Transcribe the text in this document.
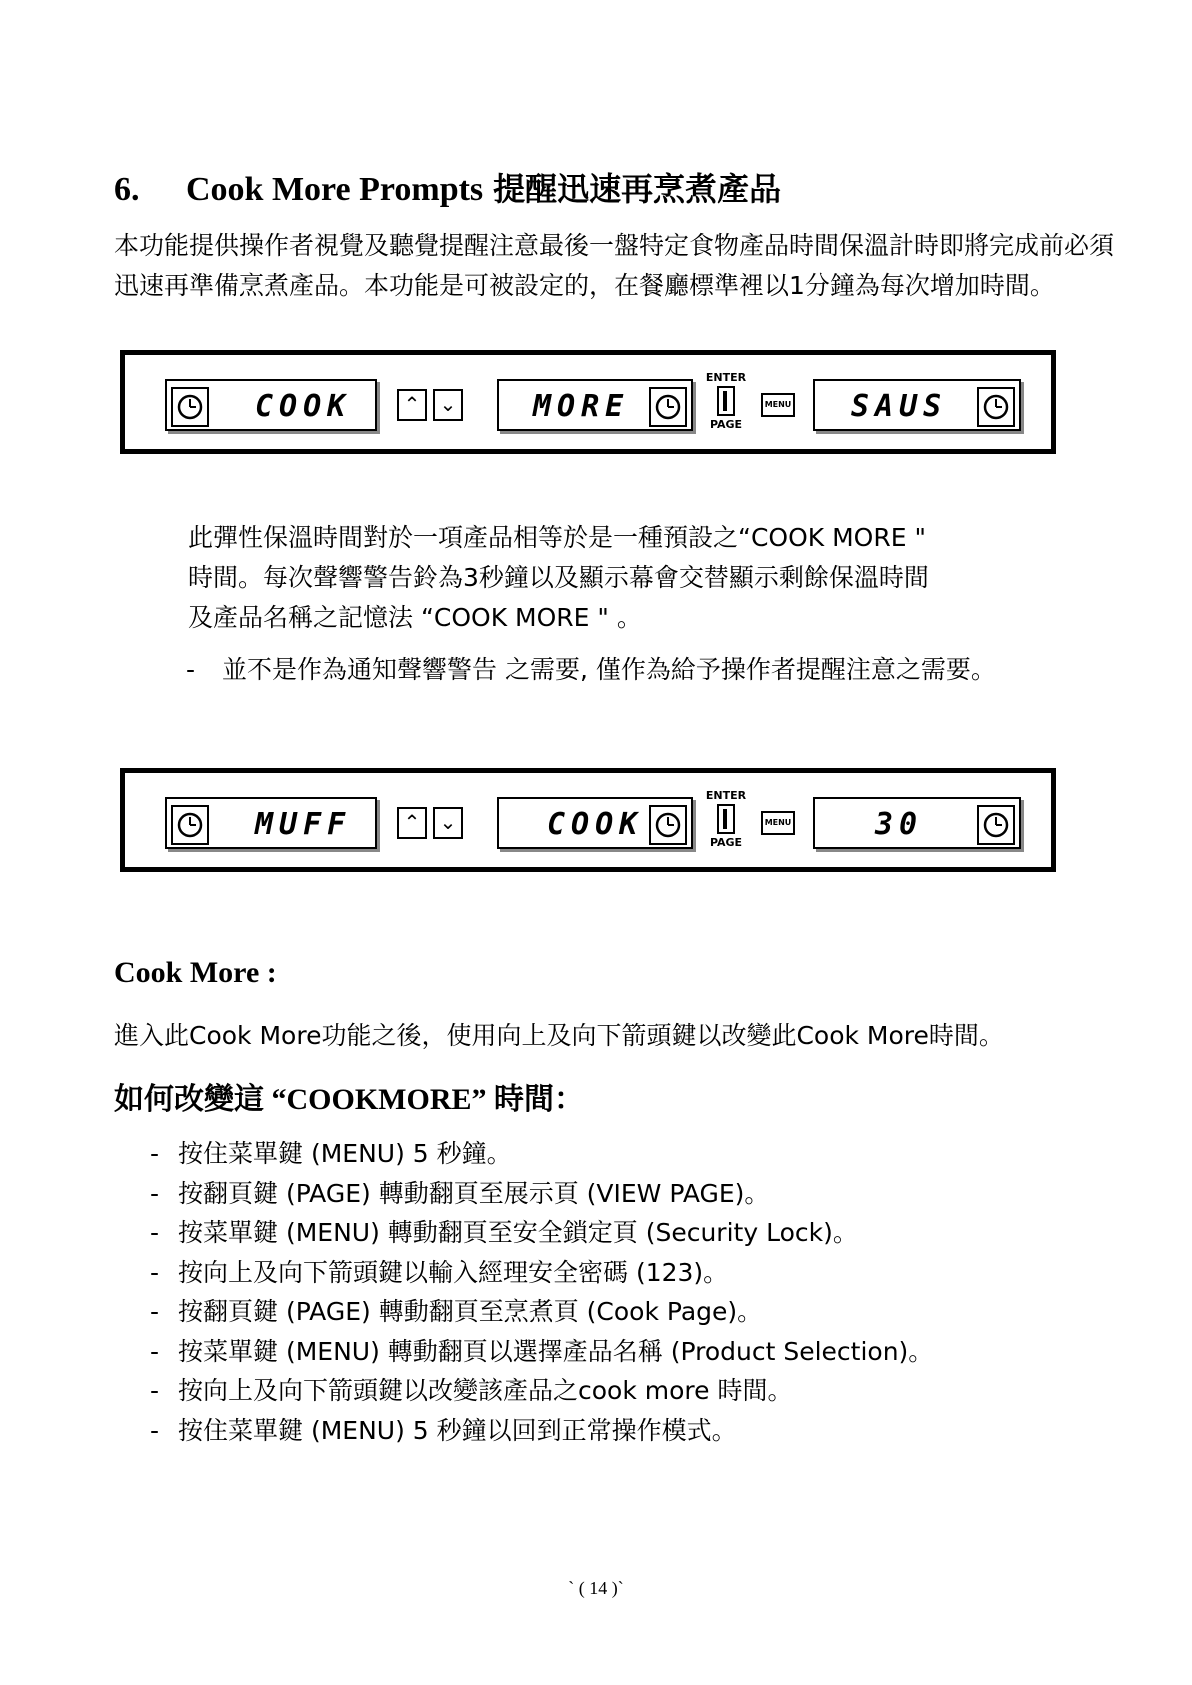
6. Cook More Prompts 提醒迅速再烹煮產品
本功能提供操作者視覺及聽覺提醒注意最後一盤特定食物產品時間保溫計時即將完成前必須迅速再準備烹煮產品。本功能是可被設定的，在餐廳標準裡以1分鐘為每次增加時間。
COOK	⌃ ⌄	MORE
ENTER
PAGE
MENU SAUS
此彈性保溫時間對於一項產品相等於是一種預設之“COOK MORE "
時間。每次聲響警告鈴為3秒鐘以及顯示幕會交替顯示剩餘保溫時間
及產品名稱之記憶法 “COOK MORE " 。
- 並不是作為通知聲響警告 之需要, 僅作為給予操作者提醒注意之需要。
MUFF	⌃ ⌄	COOK
ENTER
PAGE
MENU	30
Cook More :
進入此Cook More功能之後，使用向上及向下箭頭鍵以改變此Cook More時間。
如何改變這 “COOKMORE” 時間：
- 按住菜單鍵 (MENU) 5 秒鐘。
- 按翻頁鍵 (PAGE) 轉動翻頁至展示頁 (VIEW PAGE)。
- 按菜單鍵 (MENU) 轉動翻頁至安全鎖定頁 (Security Lock)。
- 按向上及向下箭頭鍵以輸入經理安全密碼 (123)。
- 按翻頁鍵 (PAGE) 轉動翻頁至烹煮頁 (Cook Page)。
- 按菜單鍵 (MENU) 轉動翻頁以選擇產品名稱 (Product Selection)。
- 按向上及向下箭頭鍵以改變該產品之cook more 時間。
- 按住菜單鍵 (MENU) 5 秒鐘以回到正常操作模式。
` ( 14 )`
